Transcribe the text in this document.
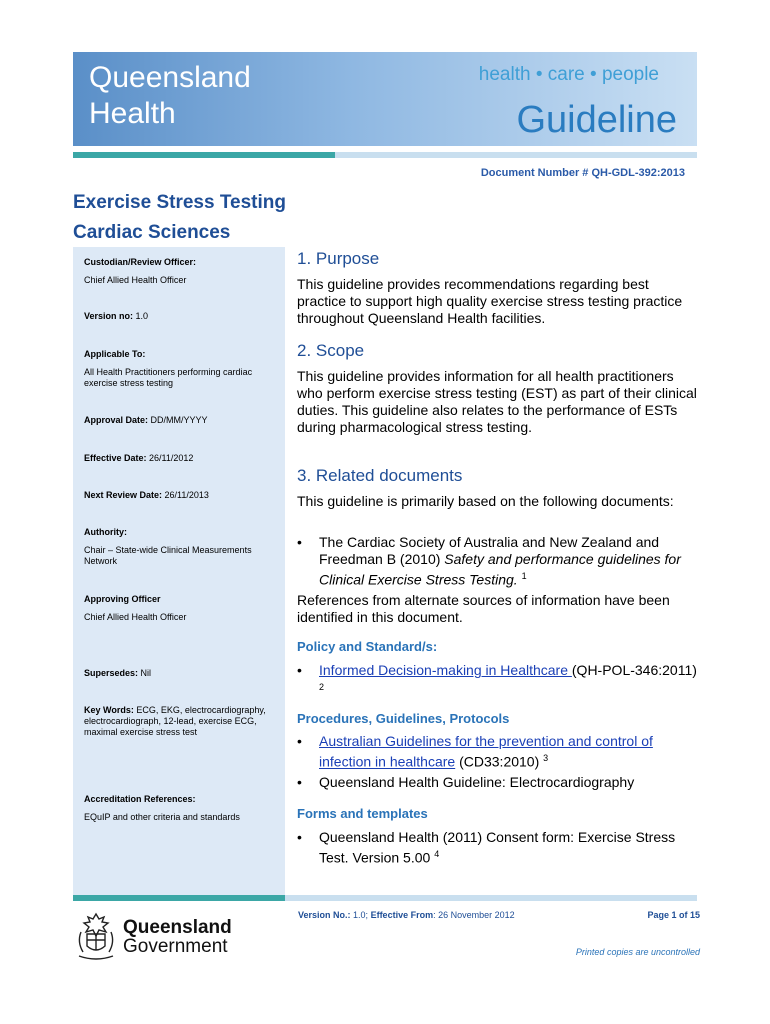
Queensland
Health
health • care • people
Guideline
Document Number # QH-GDL-392:2013
Exercise Stress Testing
Cardiac Sciences
Custodian/Review Officer:
Chief Allied Health Officer
Version no: 1.0
Applicable To:
All Health Practitioners performing cardiac exercise stress testing
Approval Date: DD/MM/YYYY
Effective Date: 26/11/2012
Next Review Date: 26/11/2013
Authority:
Chair – State-wide Clinical Measurements Network
Approving Officer
Chief Allied Health Officer
Supersedes: Nil
Key Words: ECG, EKG, electrocardiography, electrocardiograph, 12-lead, exercise ECG, maximal exercise stress test
Accreditation References:
EQuIP and other criteria and standards
1. Purpose
This guideline provides recommendations regarding best practice to support high quality exercise stress testing practice throughout Queensland Health facilities.
2. Scope
This guideline provides information for all health practitioners who perform exercise stress testing (EST) as part of their clinical duties. This guideline also relates to the performance of ESTs during pharmacological stress testing.
3. Related documents
This guideline is primarily based on the following documents:
• The Cardiac Society of Australia and New Zealand and Freedman B (2010) Safety and performance guidelines for Clinical Exercise Stress Testing. $^1$
References from alternate sources of information have been identified in this document.
Policy and Standard/s:
• Informed Decision-making in Healthcare (QH-POL-346:2011) $^2$
Procedures, Guidelines, Protocols
• Australian Guidelines for the prevention and control of infection in healthcare (CD33:2010) $^3$
• Queensland Health Guideline: Electrocardiography
Forms and templates
• Queensland Health (2011) Consent form: Exercise Stress Test. Version 5.00 $^4$
Queensland
Government
Version No.: 1.0; Effective From: 26 November 2012	Page 1 of 15
Printed copies are uncontrolled
